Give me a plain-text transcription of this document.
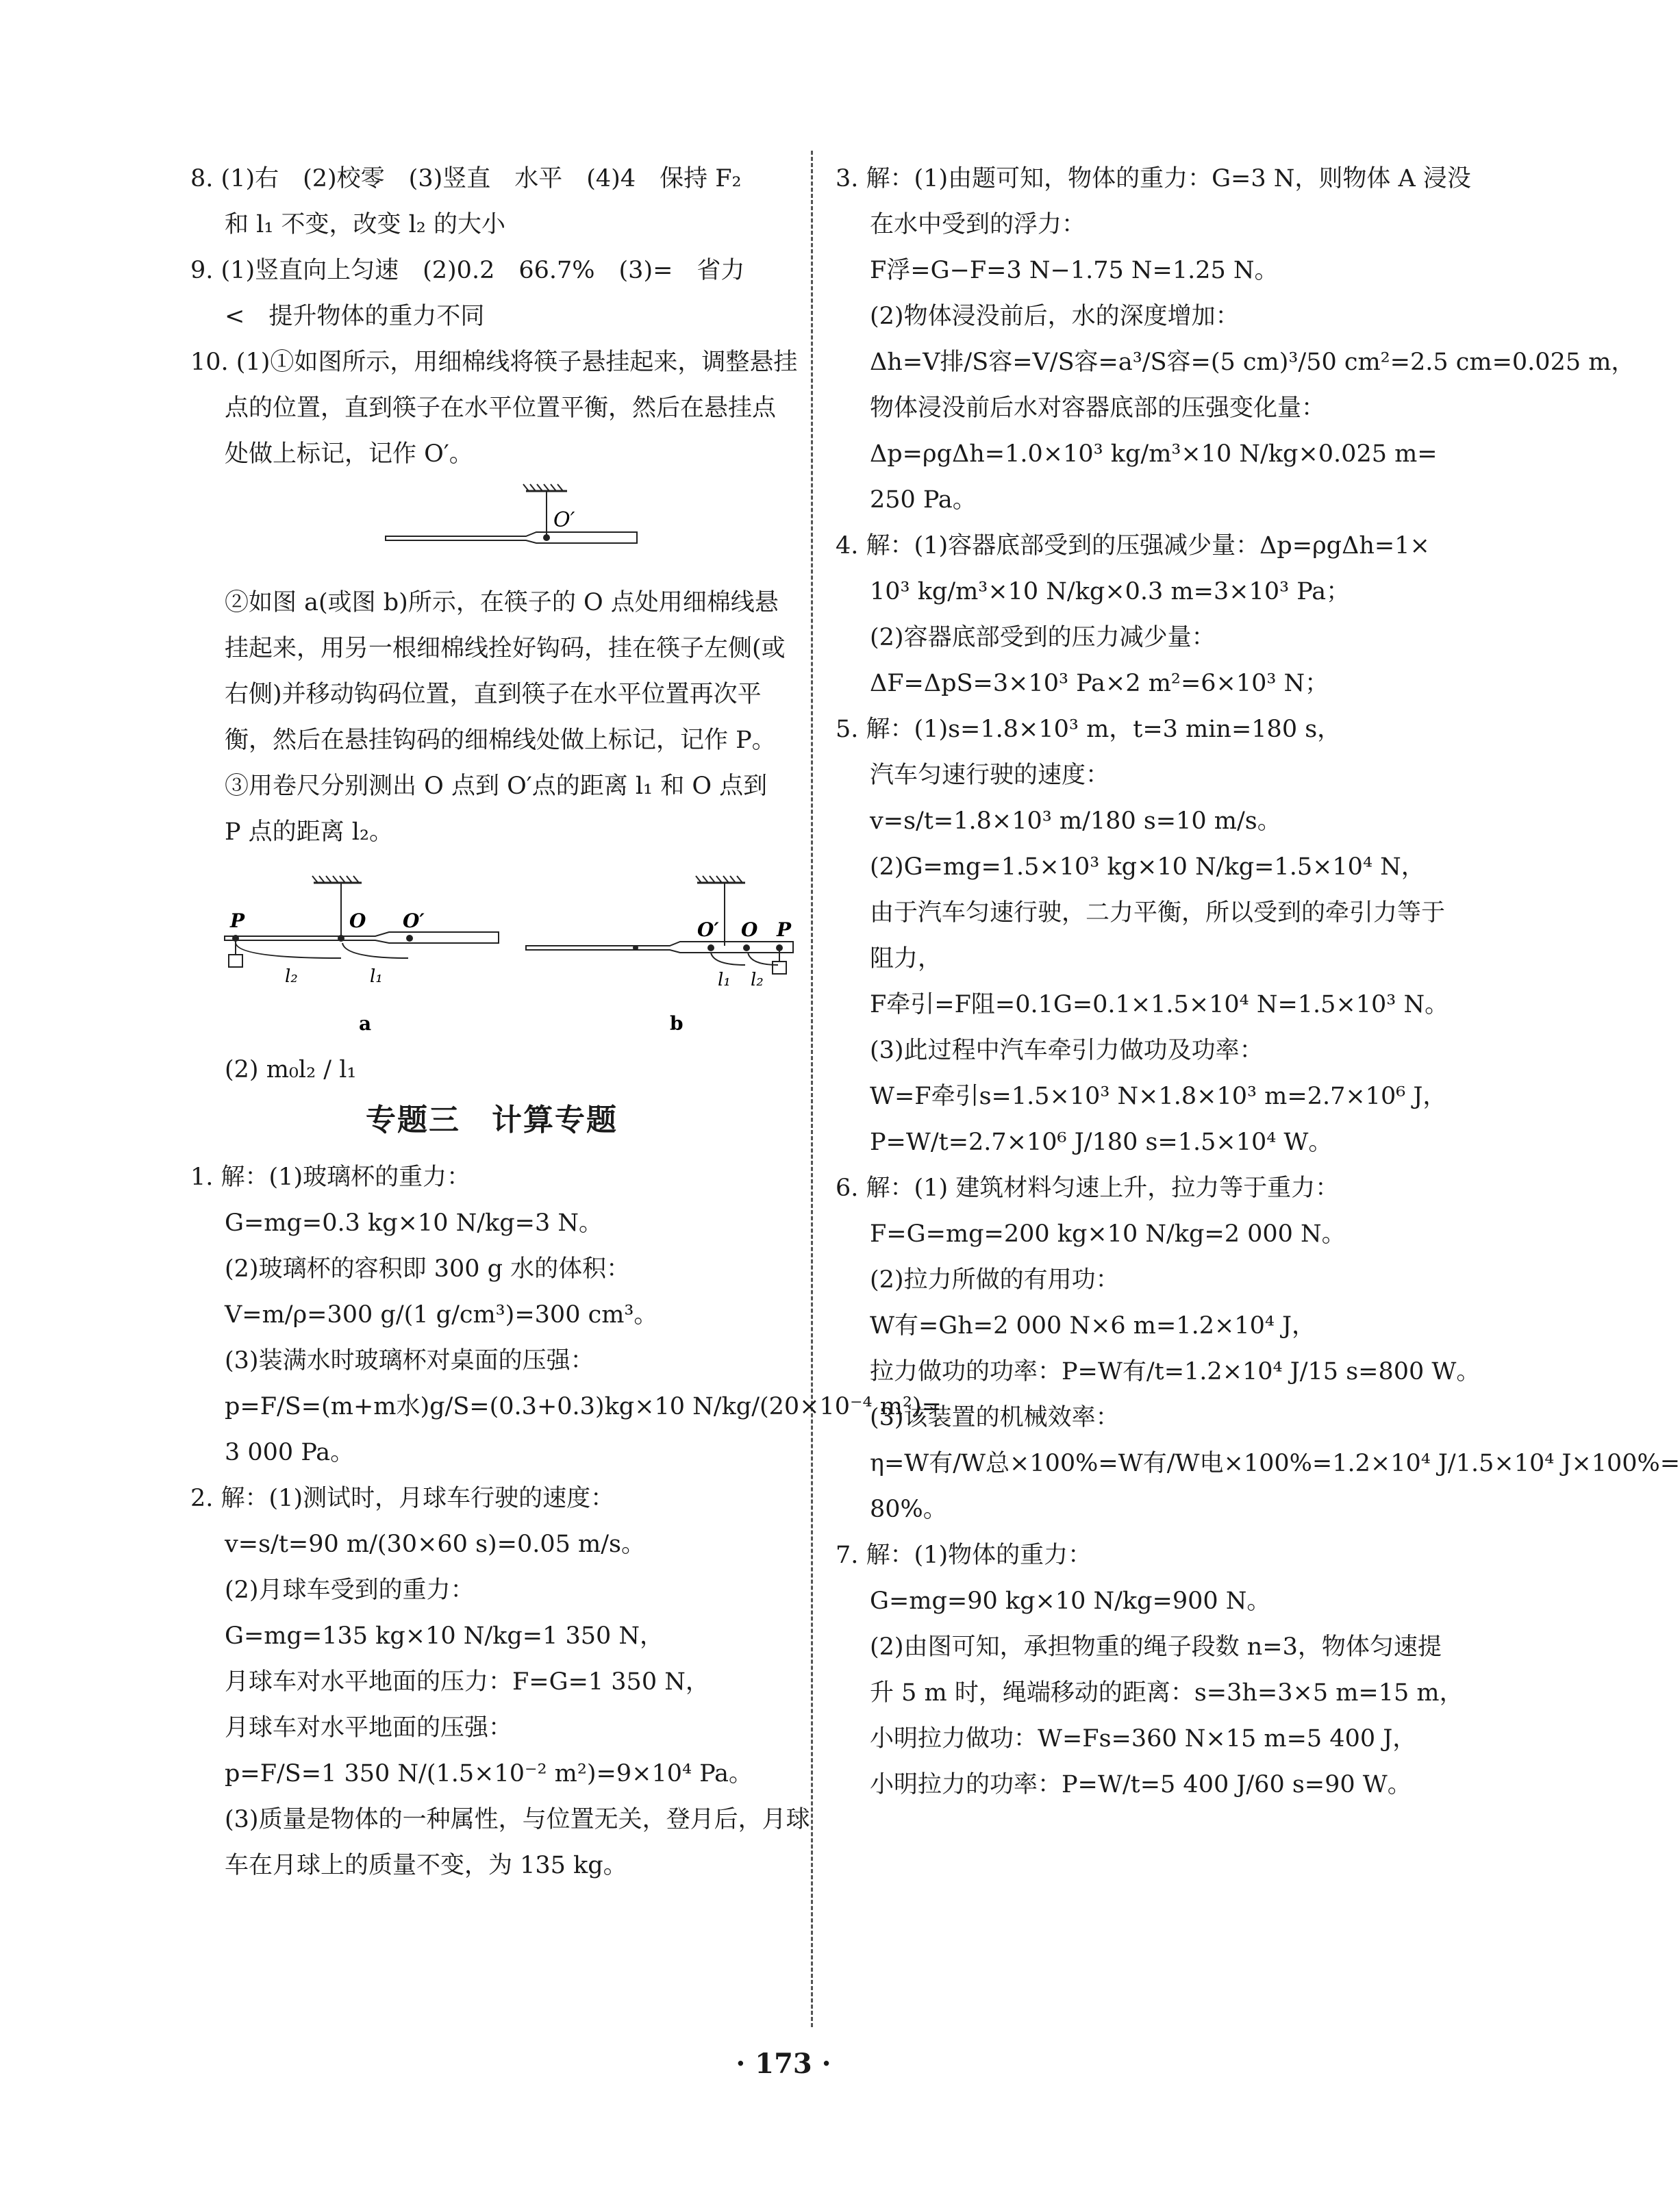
8. (1)右　(2)校零　(3)竖直　水平　(4)4　保持 F₂
和 l₁ 不变，改变 l₂ 的大小
9. (1)竖直向上匀速　(2)0.2　66.7%　(3)=　省力
<　提升物体的重力不同
10. (1)①如图所示，用细棉线将筷子悬挂起来，调整悬挂
点的位置，直到筷子在水平位置平衡，然后在悬挂点
处做上标记，记作 O′。
O′
②如图 a(或图 b)所示，在筷子的 O 点处用细棉线悬
挂起来，用另一根细棉线拴好钩码，挂在筷子左侧(或
右侧)并移动钩码位置，直到筷子在水平位置再次平
衡，然后在悬挂钩码的细棉线处做上标记，记作 P。
③用卷尺分别测出 O 点到 O′点的距离 l₁ 和 O 点到
P 点的距离 l₂。
P	O O′
l₂	l₁
a
O′ O P
l₁ l₂
b
(2) m₀l₂ / l₁
专题三　计算专题
1. 解：(1)玻璃杯的重力：
G=mg=0.3 kg×10 N/kg=3 N。
(2)玻璃杯的容积即 300 g 水的体积：
V=m/ρ=300 g/(1 g/cm³)=300 cm³。
(3)装满水时玻璃杯对桌面的压强：
p=F/S=(m+m水)g/S=(0.3+0.3)kg×10 N/kg/(20×10⁻⁴ m²)=
3 000 Pa。
2. 解：(1)测试时，月球车行驶的速度：
v=s/t=90 m/(30×60 s)=0.05 m/s。
(2)月球车受到的重力：
G=mg=135 kg×10 N/kg=1 350 N，
月球车对水平地面的压力：F=G=1 350 N，
月球车对水平地面的压强：
p=F/S=1 350 N/(1.5×10⁻² m²)=9×10⁴ Pa。
(3)质量是物体的一种属性，与位置无关，登月后，月球
车在月球上的质量不变，为 135 kg。
3. 解：(1)由题可知，物体的重力：G=3 N，则物体 A 浸没
在水中受到的浮力：
F浮=G−F=3 N−1.75 N=1.25 N。
(2)物体浸没前后，水的深度增加：
Δh=V排/S容=V/S容=a³/S容=(5 cm)³/50 cm²=2.5 cm=0.025 m，
物体浸没前后水对容器底部的压强变化量：
Δp=ρgΔh=1.0×10³ kg/m³×10 N/kg×0.025 m=
250 Pa。
4. 解：(1)容器底部受到的压强减少量：Δp=ρgΔh=1×
10³ kg/m³×10 N/kg×0.3 m=3×10³ Pa；
(2)容器底部受到的压力减少量：
ΔF=ΔpS=3×10³ Pa×2 m²=6×10³ N；
5. 解：(1)s=1.8×10³ m，t=3 min=180 s，
汽车匀速行驶的速度：
v=s/t=1.8×10³ m/180 s=10 m/s。
(2)G=mg=1.5×10³ kg×10 N/kg=1.5×10⁴ N，
由于汽车匀速行驶，二力平衡，所以受到的牵引力等于
阻力，
F牵引=F阻=0.1G=0.1×1.5×10⁴ N=1.5×10³ N。
(3)此过程中汽车牵引力做功及功率：
W=F牵引s=1.5×10³ N×1.8×10³ m=2.7×10⁶ J，
P=W/t=2.7×10⁶ J/180 s=1.5×10⁴ W。
6. 解：(1) 建筑材料匀速上升，拉力等于重力：
F=G=mg=200 kg×10 N/kg=2 000 N。
(2)拉力所做的有用功：
W有=Gh=2 000 N×6 m=1.2×10⁴ J，
拉力做功的功率：P=W有/t=1.2×10⁴ J/15 s=800 W。
(3)该装置的机械效率：
η=W有/W总×100%=W有/W电×100%=1.2×10⁴ J/1.5×10⁴ J×100%=
80%。
7. 解：(1)物体的重力：
G=mg=90 kg×10 N/kg=900 N。
(2)由图可知，承担物重的绳子段数 n=3，物体匀速提
升 5 m 时，绳端移动的距离：s=3h=3×5 m=15 m，
小明拉力做功：W=Fs=360 N×15 m=5 400 J，
小明拉力的功率：P=W/t=5 400 J/60 s=90 W。
· 173 ·
